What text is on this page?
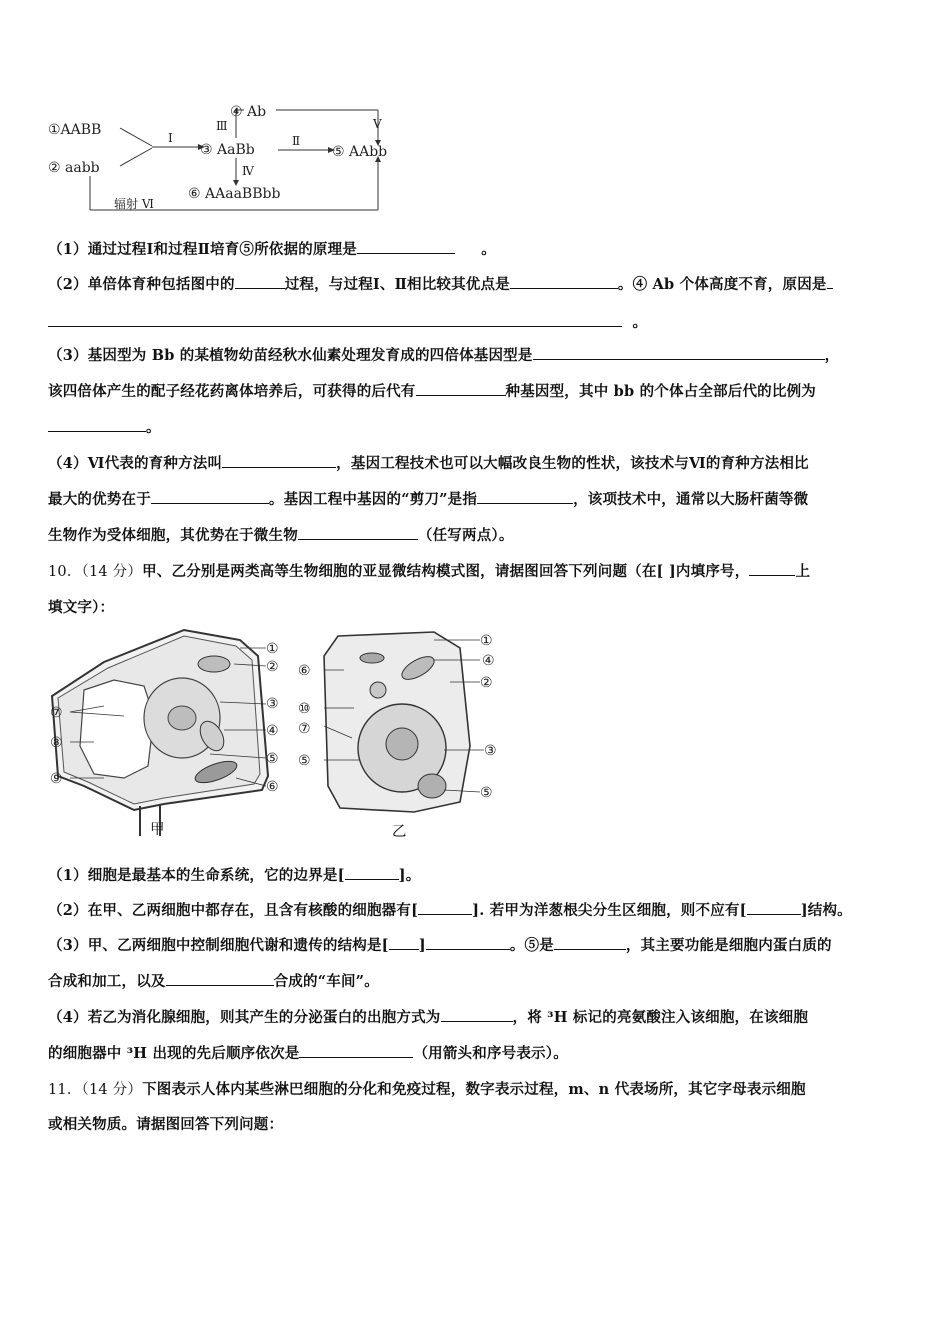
①AABB
② aabb
③ AaBb
④ Ab
⑤ AAbb
⑥ AAaaBBbb
I	Ⅱ
Ⅲ
Ⅳ
V
辐射 Ⅵ
（1）通过过程Ⅰ和过程Ⅱ培育⑤所依据的原理是	。
（2）单倍体育种包括图中的	过程，与过程Ⅰ、Ⅱ相比较其优点是	。④ Ab 个体高度不育，原因是
。
（3）基因型为 Bb 的某植物幼苗经秋水仙素处理发育成的四倍体基因型是	，
该四倍体产生的配子经花药离体培养后，可获得的后代有	种基因型，其中 bb 的个体占全部后代的比例为
。
（4）Ⅵ代表的育种方法叫	，基因工程技术也可以大幅改良生物的性状，该技术与Ⅵ的育种方法相比
最大的优势在于	。基因工程中基因的“剪刀”是指	，该项技术中，通常以大肠杆菌等微
生物作为受体细胞，其优势在于微生物	（任写两点）。
10．（14 分）甲、乙分别是两类高等生物细胞的亚显微结构模式图，请据图回答下列问题（在[ ]内填序号，	上
填文字）：
①
②
③
④
⑤
⑥
⑦
⑧
⑨
甲
①
④
②
⑥
⑩
⑦
⑤
③
⑤
乙
（1）细胞是最基本的生命系统，它的边界是[	]。
（2）在甲、乙两细胞中都存在，且含有核酸的细胞器有[	]. 若甲为洋葱根尖分生区细胞，则不应有[	]结构。
（3）甲、乙两细胞中控制细胞代谢和遗传的结构是[ ]	。⑤是	，其主要功能是细胞内蛋白质的
合成和加工，以及	合成的“车间”。
（4）若乙为消化腺细胞，则其产生的分泌蛋白的出胞方式为	，将 ³H 标记的亮氨酸注入该细胞，在该细胞
的细胞器中 ³H 出现的先后顺序依次是	（用箭头和序号表示）。
11．（14 分）下图表示人体内某些淋巴细胞的分化和免疫过程，数字表示过程，m、n 代表场所，其它字母表示细胞
或相关物质。请据图回答下列问题：
